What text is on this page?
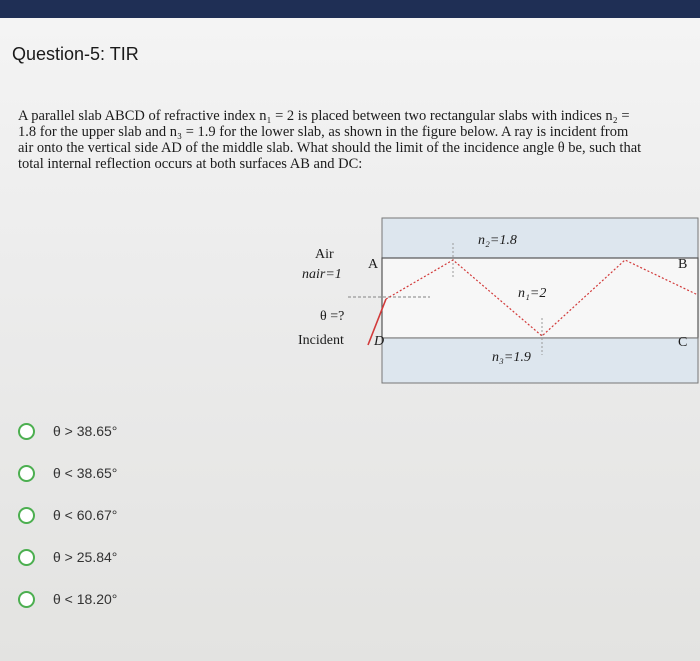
Question-5: TIR
A parallel slab ABCD of refractive index n₁ = 2 is placed between two rectangular slabs with indices n₂ =
1.8 for the upper slab and n₃ = 1.9 for the lower slab, as shown in the figure below. A ray is incident from
air onto the vertical side AD of the middle slab. What should the limit of the incidence angle θ be, such that
total internal reflection occurs at both surfaces AB and DC:
Air
nair=1
θ =?
Incident
A	B
C
D
n₂=1.8
n₁=2
n₃=1.9
θ > 38.65°
θ < 38.65°
θ < 60.67°
θ > 25.84°
θ < 18.20°
